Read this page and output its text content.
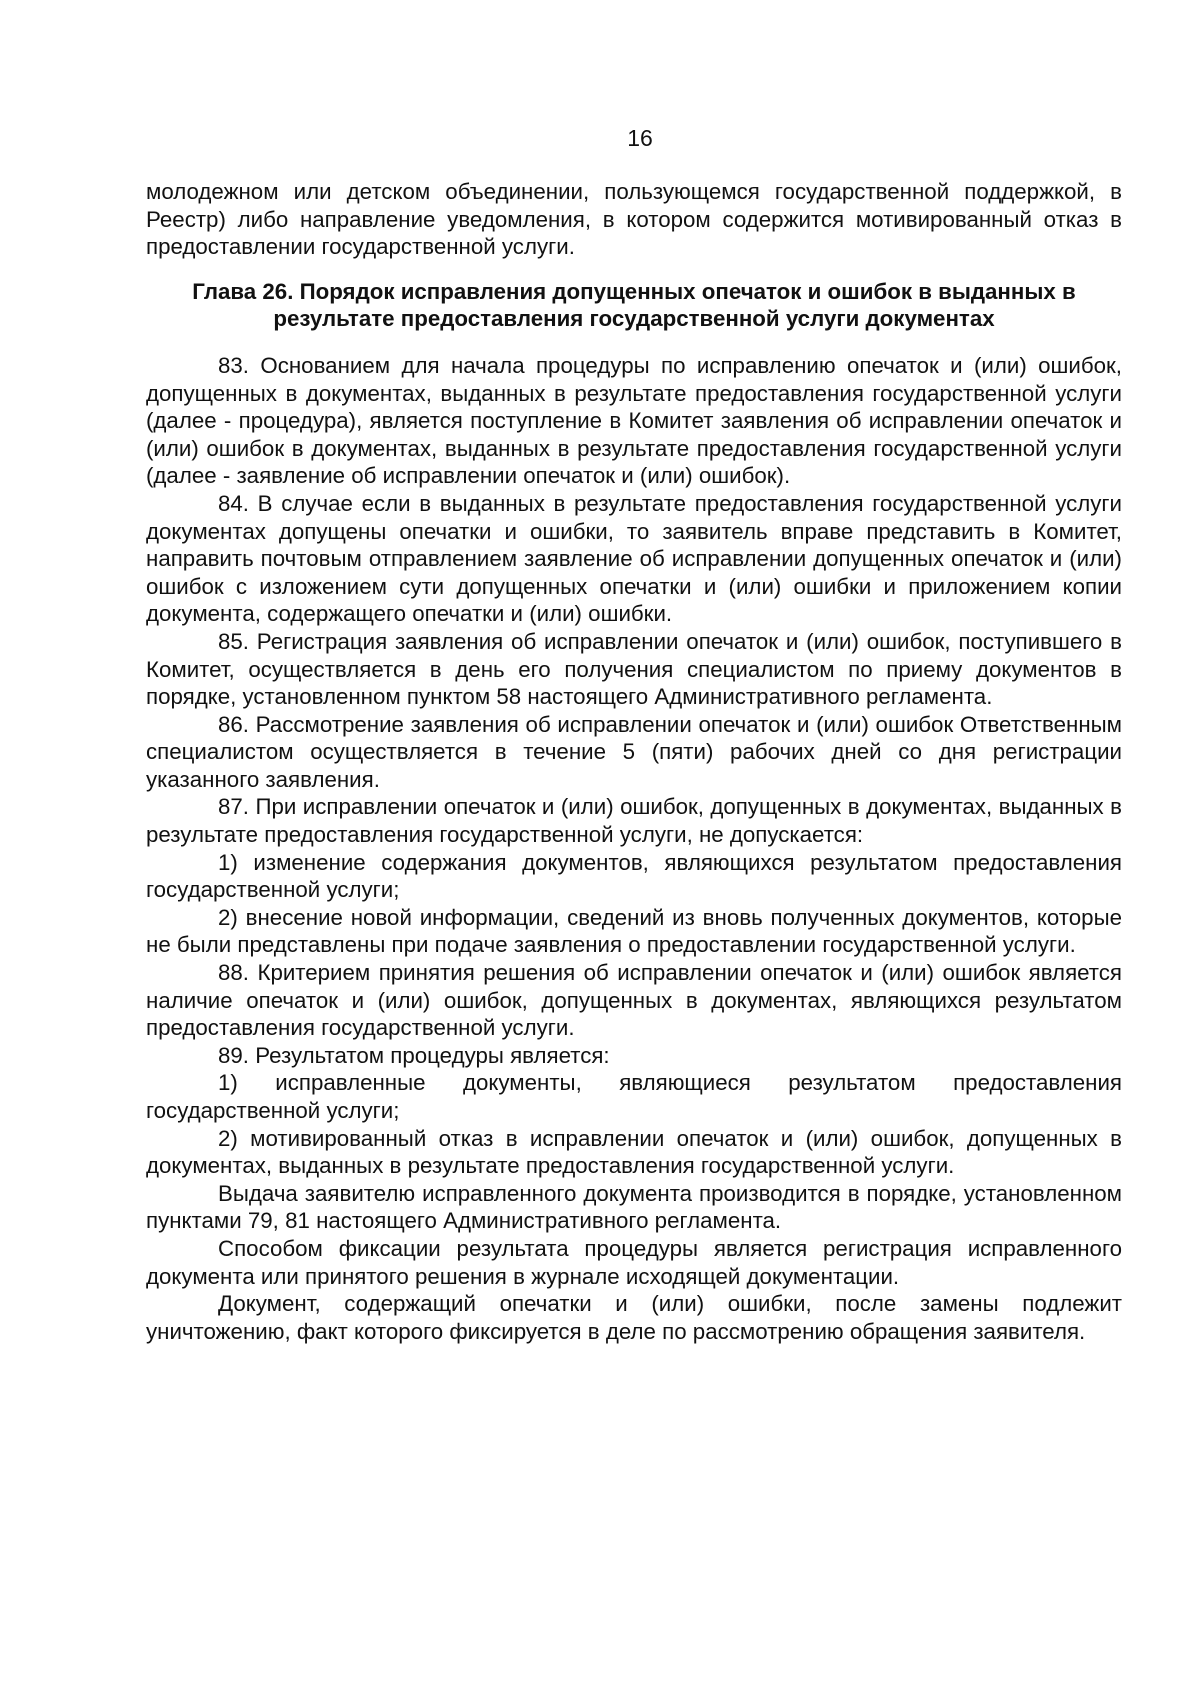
16

молодежном или детском объединении, пользующемся государственной поддержкой, в Реестр) либо направление уведомления, в котором содержится мотивированный отказ в предоставлении государственной услуги.

Глава 26. Порядок исправления допущенных опечаток и ошибок в выданных в результате предоставления государственной услуги документах

83. Основанием для начала процедуры по исправлению опечаток и (или) ошибок, допущенных в документах, выданных в результате предоставления государственной услуги (далее - процедура), является поступление в Комитет заявления об исправлении опечаток и (или) ошибок в документах, выданных в результате предоставления государственной услуги (далее - заявление об исправлении опечаток и (или) ошибок).

84. В случае если в выданных в результате предоставления государственной услуги документах допущены опечатки и ошибки, то заявитель вправе представить в Комитет, направить почтовым отправлением заявление об исправлении допущенных опечаток и (или) ошибок с изложением сути допущенных опечатки и (или) ошибки и приложением копии документа, содержащего опечатки и (или) ошибки.

85. Регистрация заявления об исправлении опечаток и (или) ошибок, поступившего в Комитет, осуществляется в день его получения специалистом по приему документов в порядке, установленном пунктом 58 настоящего Административного регламента.

86. Рассмотрение заявления об исправлении опечаток и (или) ошибок Ответственным специалистом осуществляется в течение 5 (пяти) рабочих дней со дня регистрации указанного заявления.

87. При исправлении опечаток и (или) ошибок, допущенных в документах, выданных в результате предоставления государственной услуги, не допускается:

1) изменение содержания документов, являющихся результатом предоставления государственной услуги;

2) внесение новой информации, сведений из вновь полученных документов, которые не были представлены при подаче заявления о предоставлении государственной услуги.

88. Критерием принятия решения об исправлении опечаток и (или) ошибок является наличие опечаток и (или) ошибок, допущенных в документах, являющихся результатом предоставления государственной услуги.

89. Результатом процедуры является:

1) исправленные документы, являющиеся результатом предоставления государственной услуги;

2) мотивированный отказ в исправлении опечаток и (или) ошибок, допущенных в документах, выданных в результате предоставления государственной услуги.

Выдача заявителю исправленного документа производится в порядке, установленном пунктами 79, 81 настоящего Административного регламента.

Способом фиксации результата процедуры является регистрация исправленного документа или принятого решения в журнале исходящей документации.

Документ, содержащий опечатки и (или) ошибки, после замены подлежит уничтожению, факт которого фиксируется в деле по рассмотрению обращения заявителя.
